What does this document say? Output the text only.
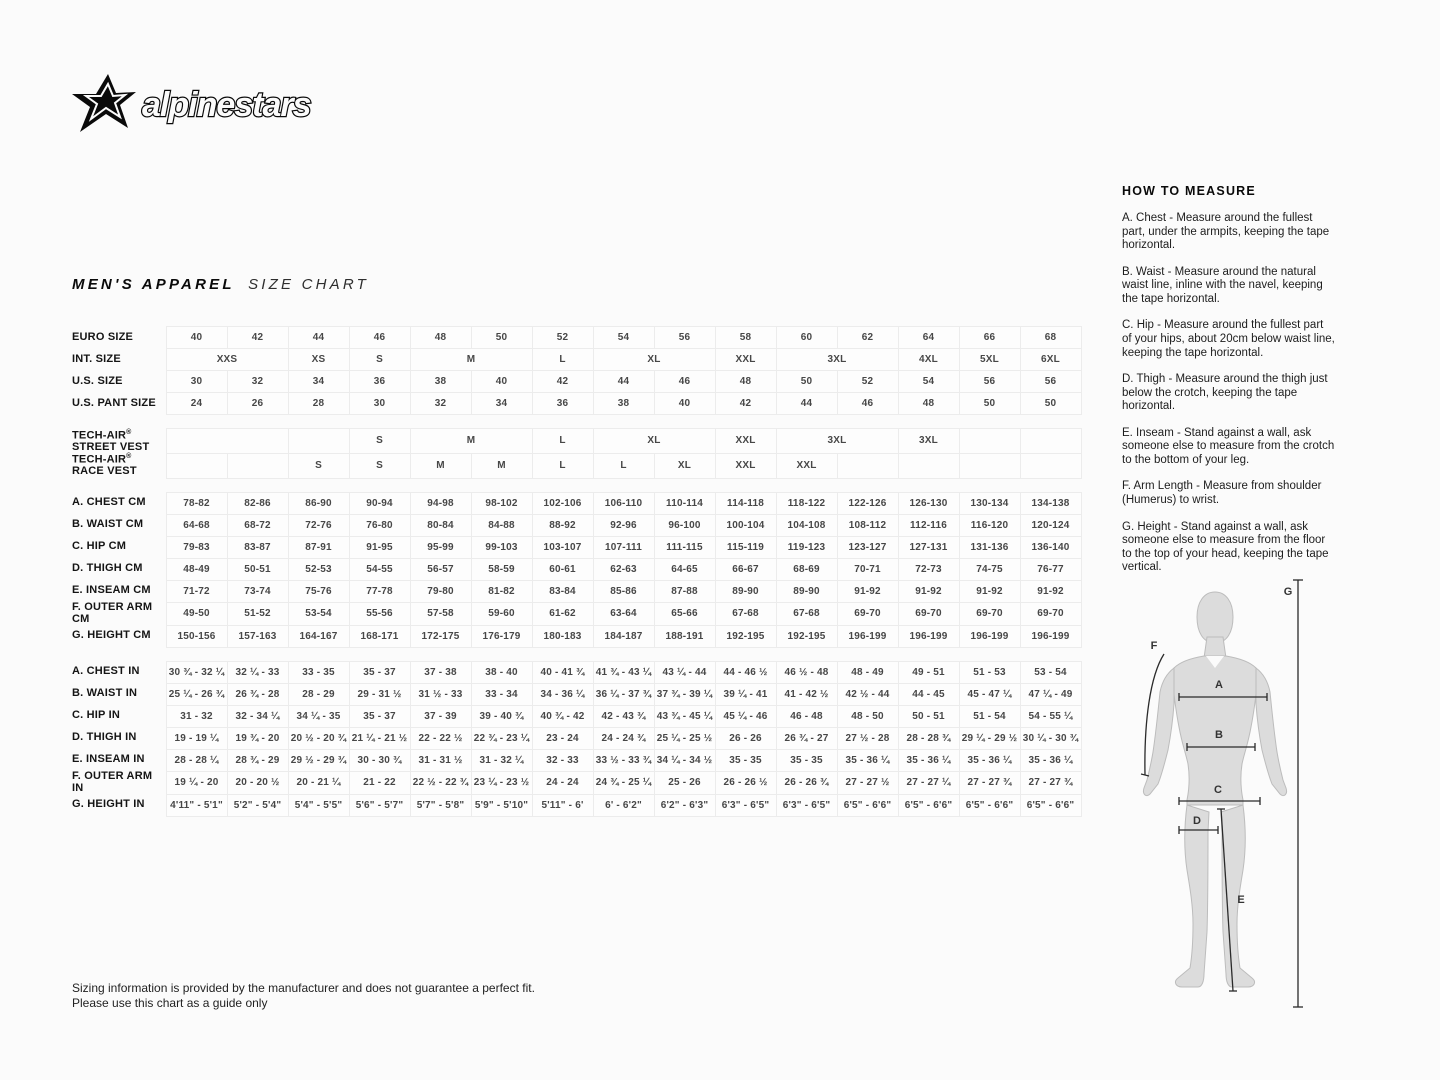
alpinestars
MEN'S APPAREL SIZE CHART
EURO SIZE	40	42	44	46	48	50	52	54	56	58	60	62	64	66	68
INT. SIZE	XXS		XS	S	M		L	XL		XXL	3XL		4XL	5XL	6XL
U.S. SIZE	30	32	34	36	38	40	42	44	46	48	50	52	54	56	56
U.S. PANT SIZE	24	26	28	30	32	34	36	38	40	42	44	46	48	50	50

TECH-AIR® STREET VEST				S	M		L	XL		XXL	3XL		3XL		
TECH-AIR® RACE VEST			S	S	M	M	L	L	XL	XXL	XXL				

A. CHEST CM	78-82	82-86	86-90	90-94	94-98	98-102	102-106	106-110	110-114	114-118	118-122	122-126	126-130	130-134	134-138
B. WAIST CM	64-68	68-72	72-76	76-80	80-84	84-88	88-92	92-96	96-100	100-104	104-108	108-112	112-116	116-120	120-124
C. HIP CM	79-83	83-87	87-91	91-95	95-99	99-103	103-107	107-111	111-115	115-119	119-123	123-127	127-131	131-136	136-140
D. THIGH CM	48-49	50-51	52-53	54-55	56-57	58-59	60-61	62-63	64-65	66-67	68-69	70-71	72-73	74-75	76-77
E. INSEAM CM	71-72	73-74	75-76	77-78	79-80	81-82	83-84	85-86	87-88	89-90	89-90	91-92	91-92	91-92	91-92
F. OUTER ARM CM	49-50	51-52	53-54	55-56	57-58	59-60	61-62	63-64	65-66	67-68	67-68	69-70	69-70	69-70	69-70
G. HEIGHT CM	150-156	157-163	164-167	168-171	172-175	176-179	180-183	184-187	188-191	192-195	192-195	196-199	196-199	196-199	196-199

A. CHEST IN	30 ¾ - 32 ¼	32 ¼ - 33	33 - 35	35 - 37	37 - 38	38 - 40	40 - 41 ¾	41 ¾ - 43 ¼	43 ¼ - 44	44 - 46 ½	46 ½ - 48	48 - 49	49 - 51	51 - 53	53 - 54
B. WAIST IN	25 ¼ - 26 ¾	26 ¾ - 28	28 - 29	29 - 31 ½	31 ½ - 33	33 - 34	34 - 36 ¼	36 ¼ - 37 ¾	37 ¾ - 39 ¼	39 ¼ - 41	41 - 42 ½	42 ½ - 44	44 - 45	45 - 47 ¼	47 ¼ - 49
C. HIP IN	31 - 32	32 - 34 ¼	34 ¼ - 35	35 - 37	37 - 39	39 - 40 ¾	40 ¾ - 42	42 - 43 ¾	43 ¾ - 45 ¼	45 ¼ - 46	46 - 48	48 - 50	50 - 51	51 - 54	54 - 55 ¼
D. THIGH IN	19 - 19 ¼	19 ¾ - 20	20 ½ - 20 ¾	21 ¼ - 21 ½	22 - 22 ½	22 ¾ - 23 ¼	23 - 24	24 - 24 ¾	25 ¼ - 25 ½	26 - 26	26 ¾ - 27	27 ½ - 28	28 - 28 ¾	29 ¼ - 29 ½	30 ¼ - 30 ¾
E. INSEAM IN	28 - 28 ¼	28 ¾ - 29	29 ½ - 29 ¾	30 - 30 ¾	31 - 31 ½	31 - 32 ¼	32 - 33	33 ½ - 33 ¾	34 ¼ - 34 ½	35 - 35	35 - 35	35 - 36 ¼	35 - 36 ¼	35 - 36 ¼	35 - 36 ¼
F. OUTER ARM IN	19 ¼ - 20	20 - 20 ½	20 - 21 ¼	21 - 22	22 ½ - 22 ¾	23 ¼ - 23 ½	24 - 24	24 ¾ - 25 ¼	25 - 26	26 - 26 ½	26 - 26 ¾	27 - 27 ½	27 - 27 ¼	27 - 27 ¾	27 - 27 ¾
G. HEIGHT IN	4'11" - 5'1"	5'2" - 5'4"	5'4" - 5'5"	5'6" - 5'7"	5'7" - 5'8"	5'9" - 5'10"	5'11" - 6'	6' - 6'2"	6'2" - 6'3"	6'3" - 6'5"	6'3" - 6'5"	6'5" - 6'6"	6'5" - 6'6"	6'5" - 6'6"	6'5" - 6'6"
HOW TO MEASURE

A. Chest - Measure around the fullest part, under the armpits, keeping the tape horizontal.

B. Waist - Measure around the natural waist line, inline with the navel, keeping the tape horizontal.

C. Hip - Measure around the fullest part of your hips, about 20cm below waist line, keeping the tape horizontal.

D. Thigh - Measure around the thigh just below the crotch, keeping the tape horizontal.

E. Inseam - Stand against a wall, ask someone else to measure from the crotch to the bottom of your leg.

F. Arm Length - Measure from shoulder (Humerus) to wrist.

G. Height - Stand against a wall, ask someone else to measure from the floor to the top of your head, keeping the tape vertical.

A
B
C
D
E
F
G
Sizing information is provided by the manufacturer and does not guarantee a perfect fit.
Please use this chart as a guide only
